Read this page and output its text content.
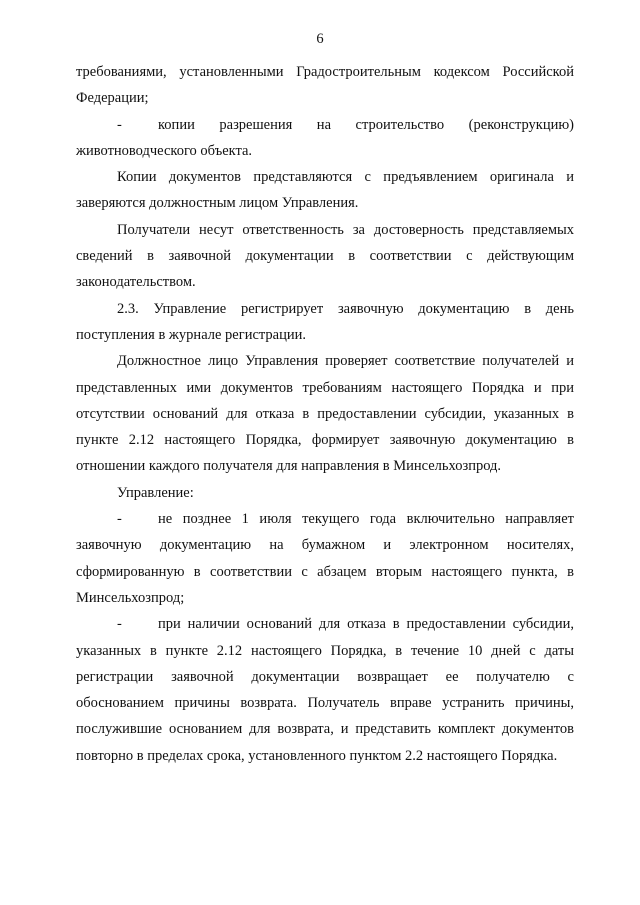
6

требованиями, установленными Градостроительным кодексом Российской Федерации;

- копии разрешения на строительство (реконструкцию) животноводческого объекта.

Копии документов представляются с предъявлением оригинала и заверяются должностным лицом Управления.

Получатели несут ответственность за достоверность представляемых сведений в заявочной документации в соответствии с действующим законодательством.

2.3. Управление регистрирует заявочную документацию в день поступления в журнале регистрации.

Должностное лицо Управления проверяет соответствие получателей и представленных ими документов требованиям настоящего Порядка и при отсутствии оснований для отказа в предоставлении субсидии, указанных в пункте 2.12 настоящего Порядка, формирует заявочную документацию в отношении каждого получателя для направления в Минсельхозпрод.

Управление:

- не позднее 1 июля текущего года включительно направляет заявочную документацию на бумажном и электронном носителях, сформированную в соответствии с абзацем вторым настоящего пункта, в Минсельхозпрод;

- при наличии оснований для отказа в предоставлении субсидии, указанных в пункте 2.12 настоящего Порядка, в течение 10 дней с даты регистрации заявочной документации возвращает ее получателю с обоснованием причины возврата. Получатель вправе устранить причины, послужившие основанием для возврата, и представить комплект документов повторно в пределах срока, установленного пунктом 2.2 настоящего Порядка.
